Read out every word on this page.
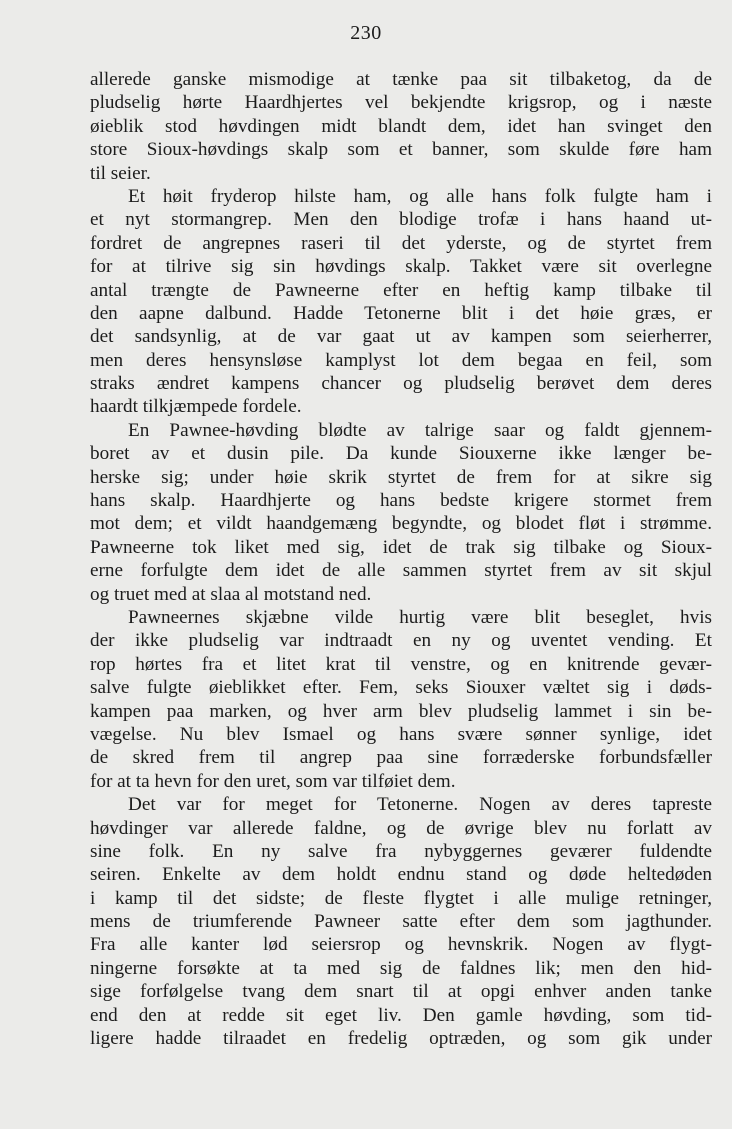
230
allerede ganske mismodige at tænke paa sit tilbaketog, da de
pludselig hørte Haardhjertes vel bekjendte krigsrop, og i næste
øieblik stod høvdingen midt blandt dem, idet han svinget den
store Sioux-høvdings skalp som et banner, som skulde føre ham
til seier.
Et høit fryderop hilste ham, og alle hans folk fulgte ham i
et nyt stormangrep. Men den blodige trofæ i hans haand ut-
fordret de angrepnes raseri til det yderste, og de styrtet frem
for at tilrive sig sin høvdings skalp. Takket være sit overlegne
antal trængte de Pawneerne efter en heftig kamp tilbake til
den aapne dalbund. Hadde Tetonerne blit i det høie græs, er
det sandsynlig, at de var gaat ut av kampen som seierherrer,
men deres hensynsløse kamplyst lot dem begaa en feil, som
straks ændret kampens chancer og pludselig berøvet dem deres
haardt tilkjæmpede fordele.
En Pawnee-høvding blødte av talrige saar og faldt gjennem-
boret av et dusin pile. Da kunde Siouxerne ikke længer be-
herske sig; under høie skrik styrtet de frem for at sikre sig
hans skalp. Haardhjerte og hans bedste krigere stormet frem
mot dem; et vildt haandgemæng begyndte, og blodet fløt i strømme.
Pawneerne tok liket med sig, idet de trak sig tilbake og Sioux-
erne forfulgte dem idet de alle sammen styrtet frem av sit skjul
og truet med at slaa al motstand ned.
Pawneernes skjæbne vilde hurtig være blit beseglet, hvis
der ikke pludselig var indtraadt en ny og uventet vending. Et
rop hørtes fra et litet krat til venstre, og en knitrende gevær-
salve fulgte øieblikket efter. Fem, seks Siouxer væltet sig i døds-
kampen paa marken, og hver arm blev pludselig lammet i sin be-
vægelse. Nu blev Ismael og hans svære sønner synlige, idet
de skred frem til angrep paa sine forræderske forbundsfæller
for at ta hevn for den uret, som var tilføiet dem.
Det var for meget for Tetonerne. Nogen av deres tapreste
høvdinger var allerede faldne, og de øvrige blev nu forlatt av
sine folk. En ny salve fra nybyggernes geværer fuldendte
seiren. Enkelte av dem holdt endnu stand og døde heltedøden
i kamp til det sidste; de fleste flygtet i alle mulige retninger,
mens de triumferende Pawneer satte efter dem som jagthunder.
Fra alle kanter lød seiersrop og hevnskrik. Nogen av flygt-
ningerne forsøkte at ta med sig de faldnes lik; men den hid-
sige forfølgelse tvang dem snart til at opgi enhver anden tanke
end den at redde sit eget liv. Den gamle høvding, som tid-
ligere hadde tilraadet en fredelig optræden, og som gik under
